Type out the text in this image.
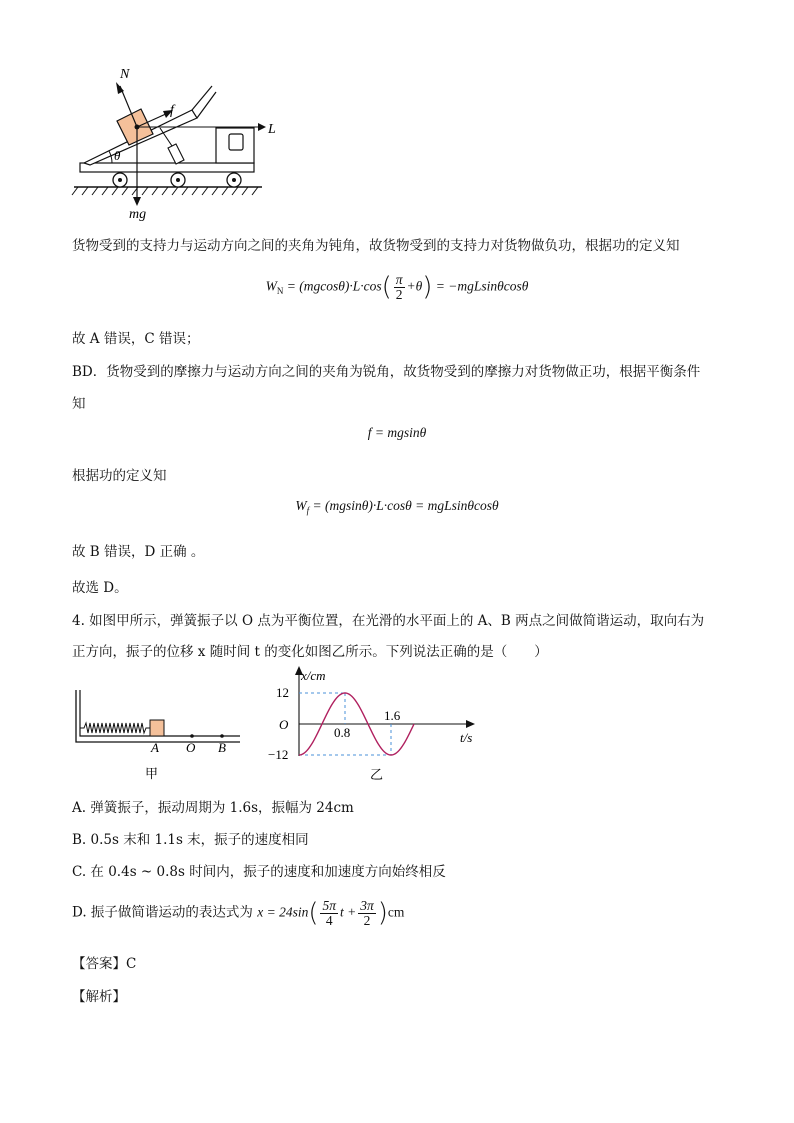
N
f
L
θ
mg
货物受到的支持力与运动方向之间的夹角为钝角，故货物受到的支持力对货物做负功，根据功的定义知
$W_N = (mgcos\theta)\cdot L\cdot\cos( \frac{\pi}{2} +\theta) = -mgLsin\theta\cos\theta$
故 A 错误，C 错误；
BD．货物受到的摩擦力与运动方向之间的夹角为锐角，故货物受到的摩擦力对货物做正功，根据平衡条件
知
f = mgsinθ
根据功的定义知
$W_f = (mgsin\theta)\cdot L\cdot\cos\theta = mgLsin\theta\cos\theta$
故 B 错误，D 正确 。
故选 D。
4. 如图甲所示，弹簧振子以 O 点为平衡位置，在光滑的水平面上的 A、B 两点之间做简谐运动，取向右为
正方向，振子的位移 x 随时间 t 的变化如图乙所示。下列说法正确的是（　　）
A O B
甲
x/cm
t/s
O
12
−12
0.8
1.6
乙
A. 弹簧振子，振动周期为 1.6s，振幅为 24cm
B. 0.5s 末和 1.1s 末，振子的速度相同
C. 在 0.4s ~ 0.8s 时间内，振子的速度和加速度方向始终相反
D. 振子做简谐运动的表达式为 $x = 24\sin( \frac{5\pi}{4}$ $t + \frac{3\pi}{2} )cm$
【答案】C
【解析】
